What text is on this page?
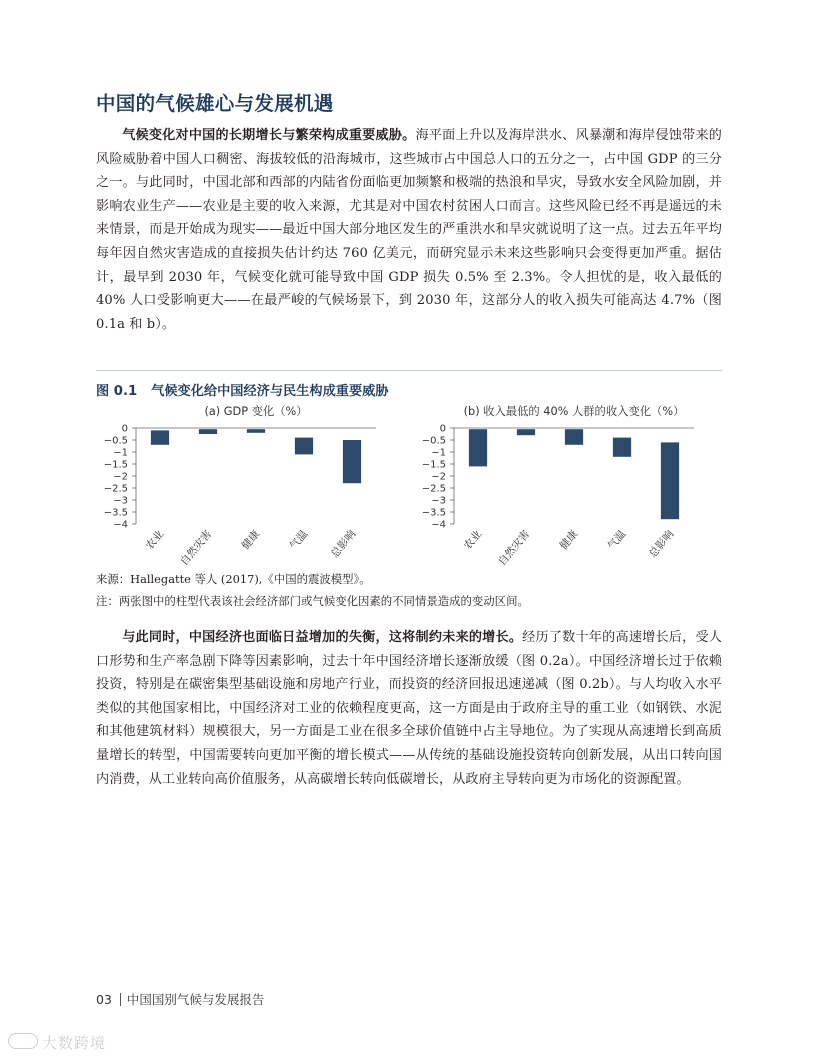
中国的气候雄心与发展机遇

气候变化对中国的长期增长与繁荣构成重要威胁。海平面上升以及海岸洪水、风暴潮和海岸侵蚀带来的风险威胁着中国人口稠密、海拔较低的沿海城市，这些城市占中国总人口的五分之一，占中国 GDP 的三分之一。与此同时，中国北部和西部的内陆省份面临更加频繁和极端的热浪和旱灾，导致水安全风险加剧，并影响农业生产——农业是主要的收入来源，尤其是对中国农村贫困人口而言。这些风险已经不再是遥远的未来情景，而是开始成为现实——最近中国大部分地区发生的严重洪水和旱灾就说明了这一点。过去五年平均每年因自然灾害造成的直接损失估计约达 760 亿美元，而研究显示未来这些影响只会变得更加严重。据估计，最早到 2030 年，气候变化就可能导致中国 GDP 损失 0.5% 至 2.3%。令人担忧的是，收入最低的 40% 人口受影响更大——在最严峻的气候场景下，到 2030 年，这部分人的收入损失可能高达 4.7%（图 0.1a 和 b）。

图 0.1 气候变化给中国经济与民生构成重要威胁

(a) GDP 变化（%）
0
−0.5
−1
−1.5
−2
−2.5
−3
−3.5
−4
农业 自然灾害 健康 气温 总影响
(b) 收入最低的 40% 人群的收入变化（%）
0
−0.5
−1
−1.5
−2
−2.5
−3
−3.5
−4
农业 自然灾害 健康 气温 总影响

来源：Hallegatte 等人 (2017),《中国的震波模型》。

注：两张图中的柱型代表该社会经济部门或气候变化因素的不同情景造成的变动区间。

与此同时，中国经济也面临日益增加的失衡，这将制约未来的增长。经历了数十年的高速增长后，受人口形势和生产率急剧下降等因素影响，过去十年中国经济增长逐渐放缓（图 0.2a）。中国经济增长过于依赖投资，特别是在碳密集型基础设施和房地产行业，而投资的经济回报迅速递减（图 0.2b）。与人均收入水平类似的其他国家相比，中国经济对工业的依赖程度更高，这一方面是由于政府主导的重工业（如钢铁、水泥和其他建筑材料）规模很大，另一方面是工业在很多全球价值链中占主导地位。为了实现从高速增长到高质量增长的转型，中国需要转向更加平衡的增长模式——从传统的基础设施投资转向创新发展，从出口转向国内消费，从工业转向高价值服务，从高碳增长转向低碳增长，从政府主导转向更为市场化的资源配置。

03 中国国别气候与发展报告
大数跨境
